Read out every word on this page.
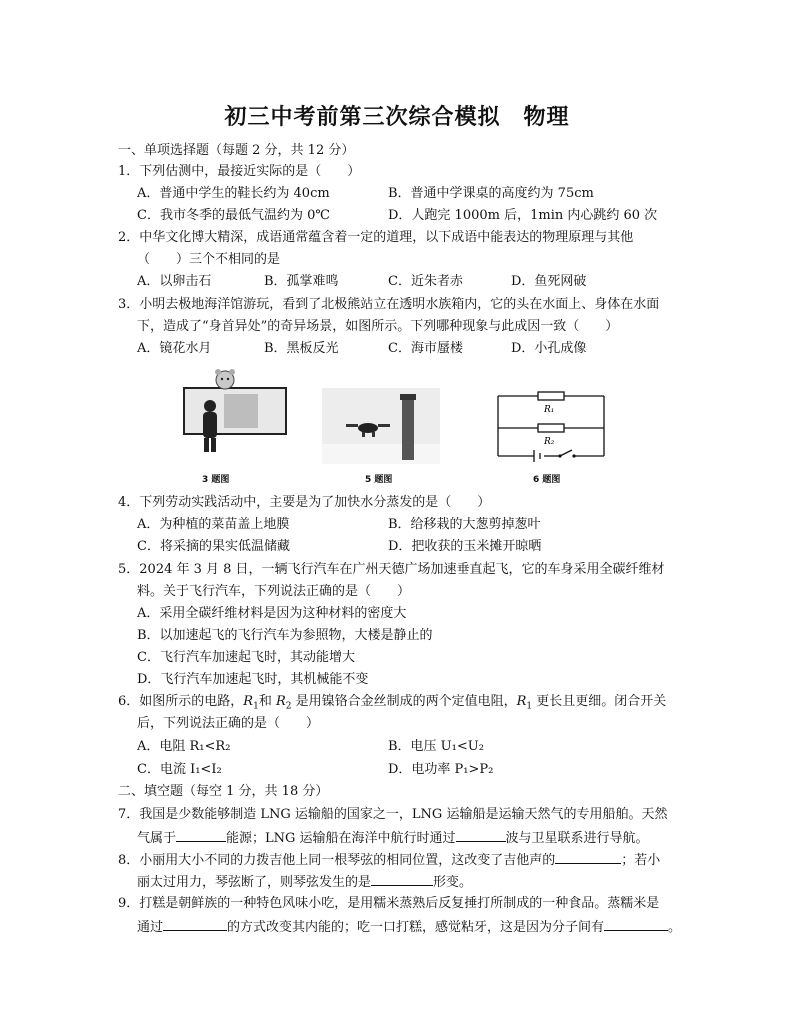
初三中考前第三次综合模拟　物理
一、单项选择题（每题 2 分，共 12 分）
1．下列估测中，最接近实际的是（　　）
A．普通中学生的鞋长约为 40cm	B．普通中学课桌的高度约为 75cm
C．我市冬季的最低气温约为 0℃	D．人跑完 1000m 后，1min 内心跳约 60 次
2．中华文化博大精深，成语通常蕴含着一定的道理，以下成语中能表达的物理原理与其他
（　　）三个不相同的是
A．以卵击石	B．孤掌难鸣	C．近朱者赤	D．鱼死网破
3．小明去极地海洋馆游玩，看到了北极熊站立在透明水族箱内，它的头在水面上、身体在水面
下，造成了“身首异处”的奇异场景，如图所示。下列哪种现象与此成因一致（　　）
A．镜花水月	B．黑板反光	C．海市蜃楼	D．小孔成像
3 题图	5 题图
R₁
R₂
6 题图
4．下列劳动实践活动中，主要是为了加快水分蒸发的是（　　）
A．为种植的菜苗盖上地膜	B．给移栽的大葱剪掉葱叶
C．将采摘的果实低温储藏	D．把收获的玉米摊开晾晒
5．2024 年 3 月 8 日，一辆飞行汽车在广州天德广场加速垂直起飞，它的车身采用全碳纤维材
料。关于飞行汽车，下列说法正确的是（　　）
A．采用全碳纤维材料是因为这种材料的密度大
B．以加速起飞的飞行汽车为参照物，大楼是静止的
C．飞行汽车加速起飞时，其动能增大
D．飞行汽车加速起飞时，其机械能不变
6．如图所示的电路，$R_1$和 $R_2$ 是用镍铬合金丝制成的两个定值电阻，$R_1$ 更长且更细。闭合开关
后，下列说法正确的是（　　）
A．电阻 R₁<R₂	B．电压 U₁<U₂
C．电流 I₁<I₂	D．电功率 P₁>P₂
二、填空题（每空 1 分，共 18 分）
7．我国是少数能够制造 LNG 运输船的国家之一，LNG 运输船是运输天然气的专用船舶。天然
气属于	能源；LNG 运输船在海洋中航行时通过	波与卫星联系进行导航。
8．小丽用大小不同的力拨吉他上同一根琴弦的相同位置，这改变了吉他声的	；若小
丽太过用力，琴弦断了，则琴弦发生的是	形变。
9．打糕是朝鲜族的一种特色风味小吃，是用糯米蒸熟后反复捶打所制成的一种食品。蒸糯米是
通过	的方式改变其内能的；吃一口打糕，感觉粘牙，这是因为分子间有	。
